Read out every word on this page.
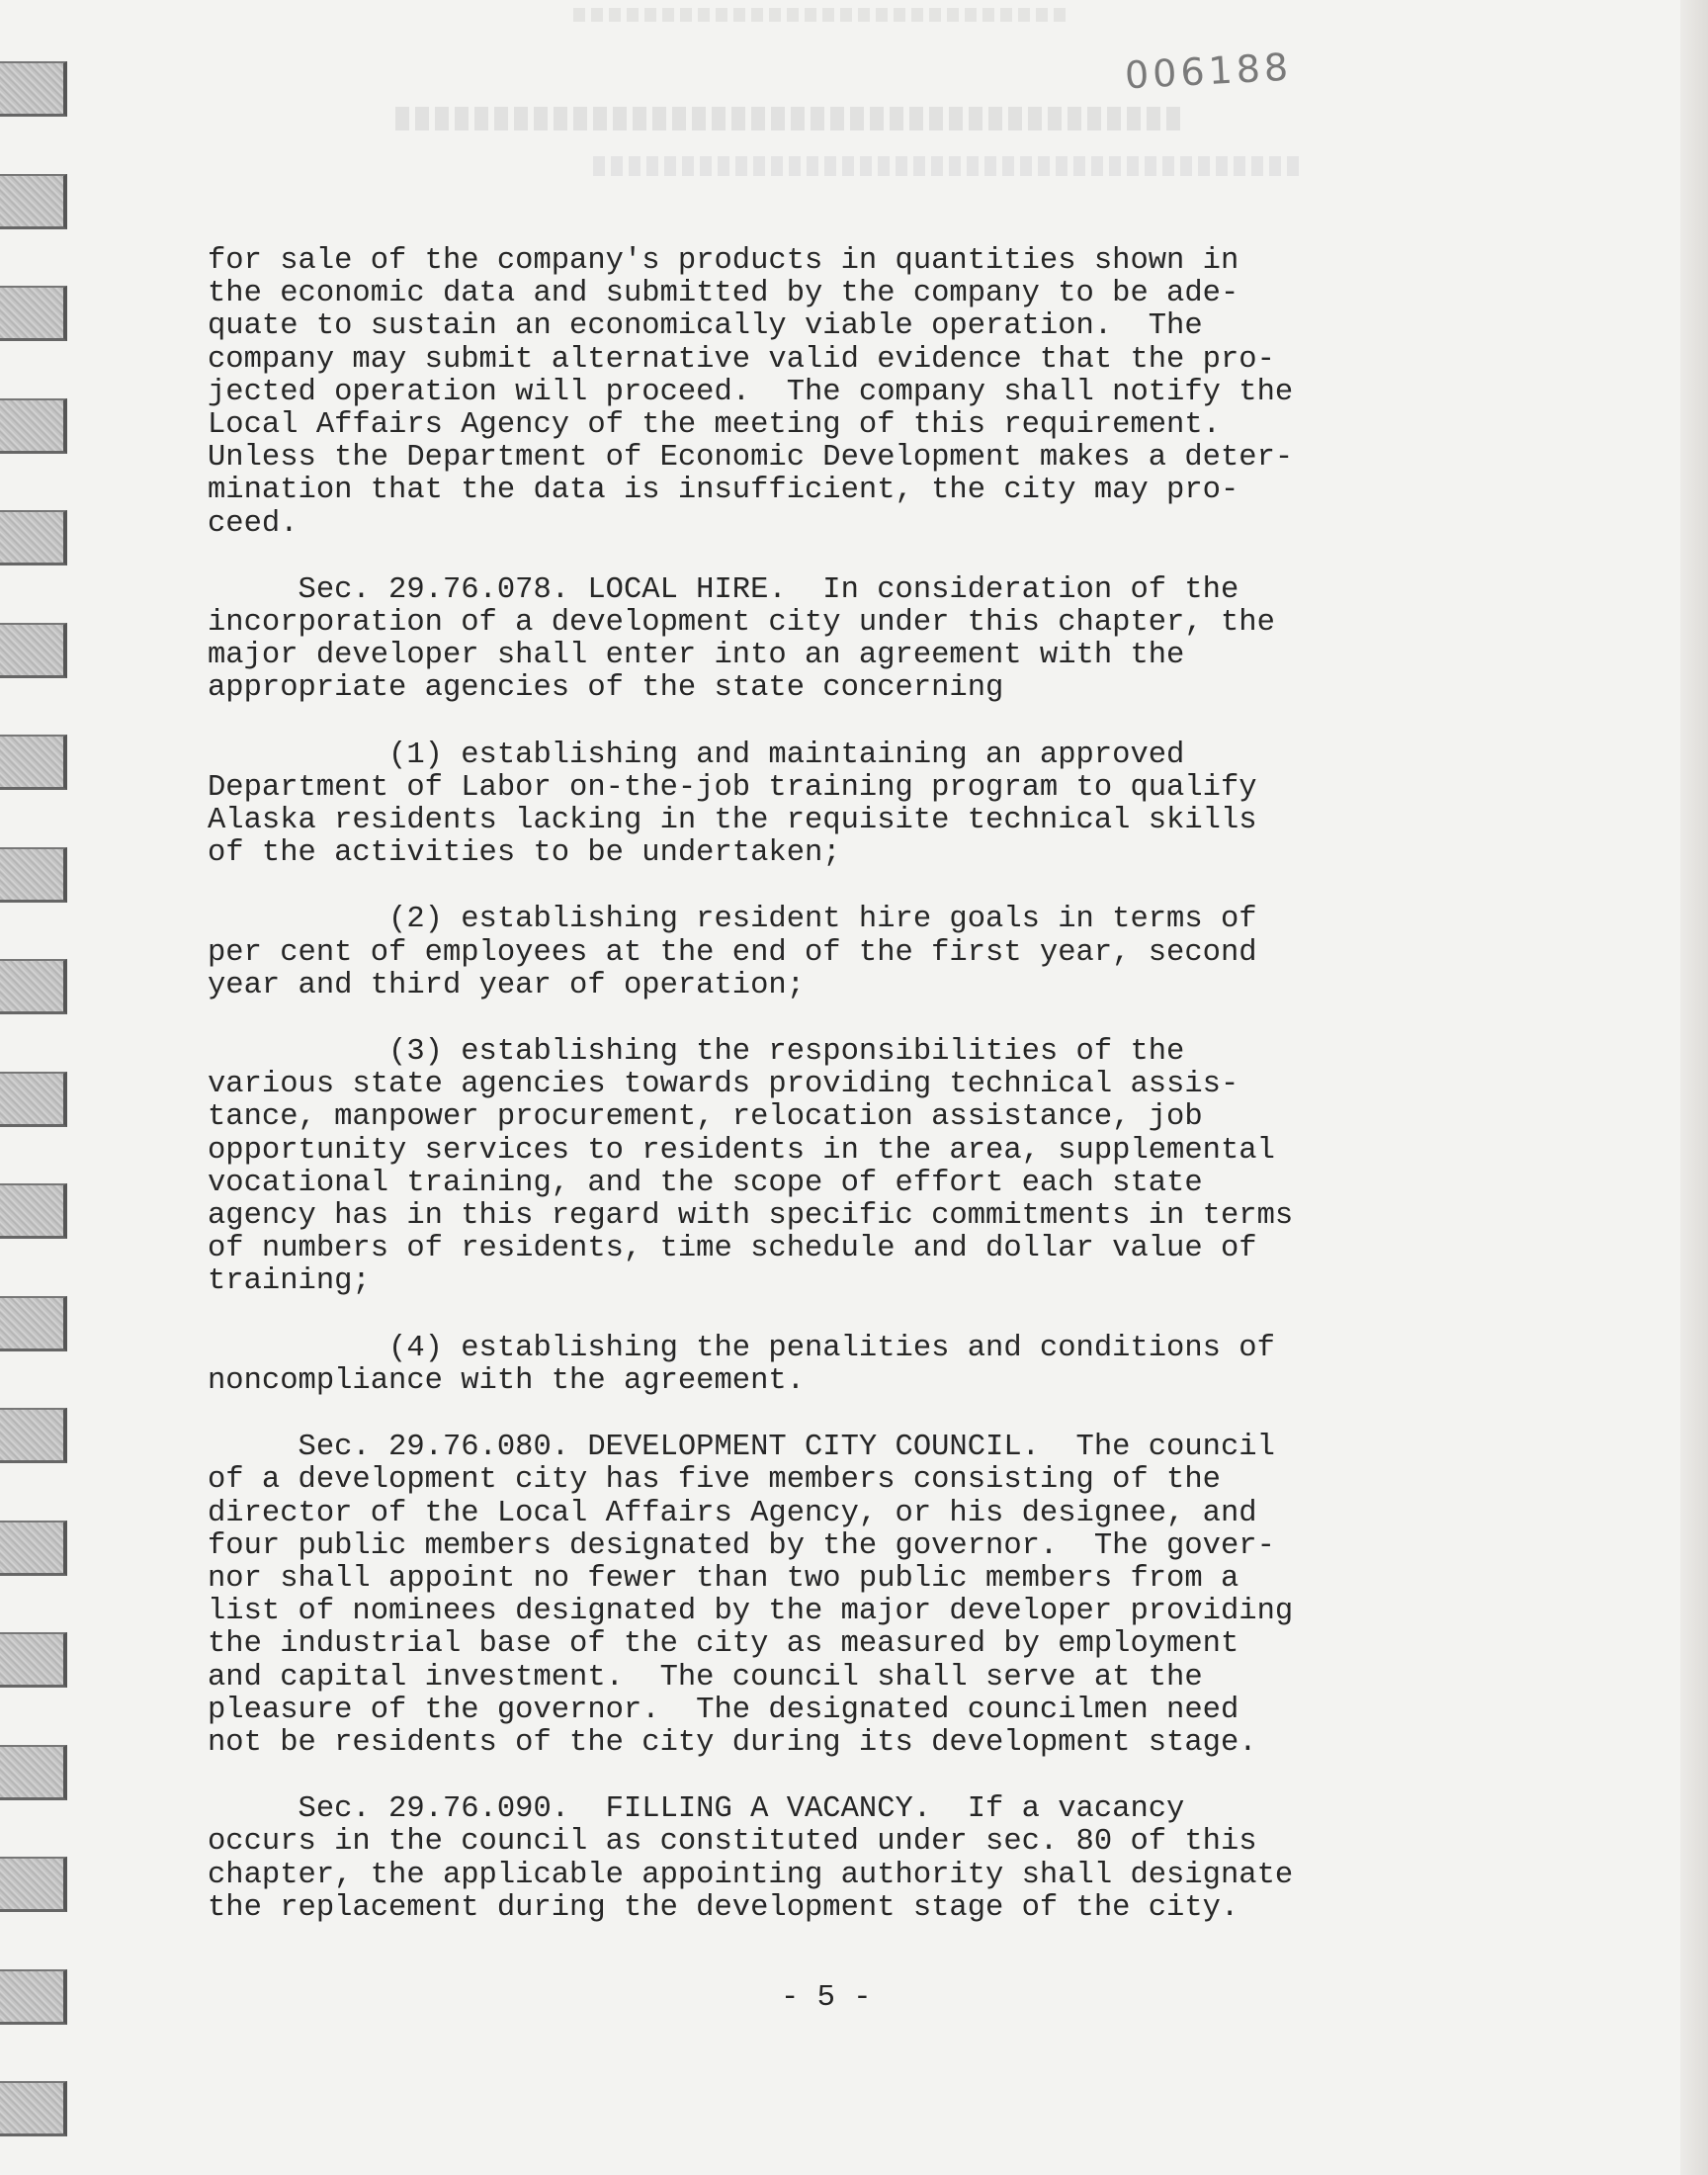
006188
for sale of the company's products in quantities shown in
the economic data and submitted by the company to be ade-
quate to sustain an economically viable operation.  The
company may submit alternative valid evidence that the pro-
jected operation will proceed.  The company shall notify the
Local Affairs Agency of the meeting of this requirement.
Unless the Department of Economic Development makes a deter-
mination that the data is insufficient, the city may pro-
ceed.
Sec. 29.76.078. LOCAL HIRE.  In consideration of the
incorporation of a development city under this chapter, the
major developer shall enter into an agreement with the
appropriate agencies of the state concerning
(1) establishing and maintaining an approved
Department of Labor on-the-job training program to qualify
Alaska residents lacking in the requisite technical skills
of the activities to be undertaken;
(2) establishing resident hire goals in terms of
per cent of employees at the end of the first year, second
year and third year of operation;
(3) establishing the responsibilities of the
various state agencies towards providing technical assis-
tance, manpower procurement, relocation assistance, job
opportunity services to residents in the area, supplemental
vocational training, and the scope of effort each state
agency has in this regard with specific commitments in terms
of numbers of residents, time schedule and dollar value of
training;
(4) establishing the penalities and conditions of
noncompliance with the agreement.
Sec. 29.76.080. DEVELOPMENT CITY COUNCIL.  The council
of a development city has five members consisting of the
director of the Local Affairs Agency, or his designee, and
four public members designated by the governor.  The gover-
nor shall appoint no fewer than two public members from a
list of nominees designated by the major developer providing
the industrial base of the city as measured by employment
and capital investment.  The council shall serve at the
pleasure of the governor.  The designated councilmen need
not be residents of the city during its development stage.
Sec. 29.76.090.  FILLING A VACANCY.  If a vacancy
occurs in the council as constituted under sec. 80 of this
chapter, the applicable appointing authority shall designate
the replacement during the development stage of the city.
- 5 -
